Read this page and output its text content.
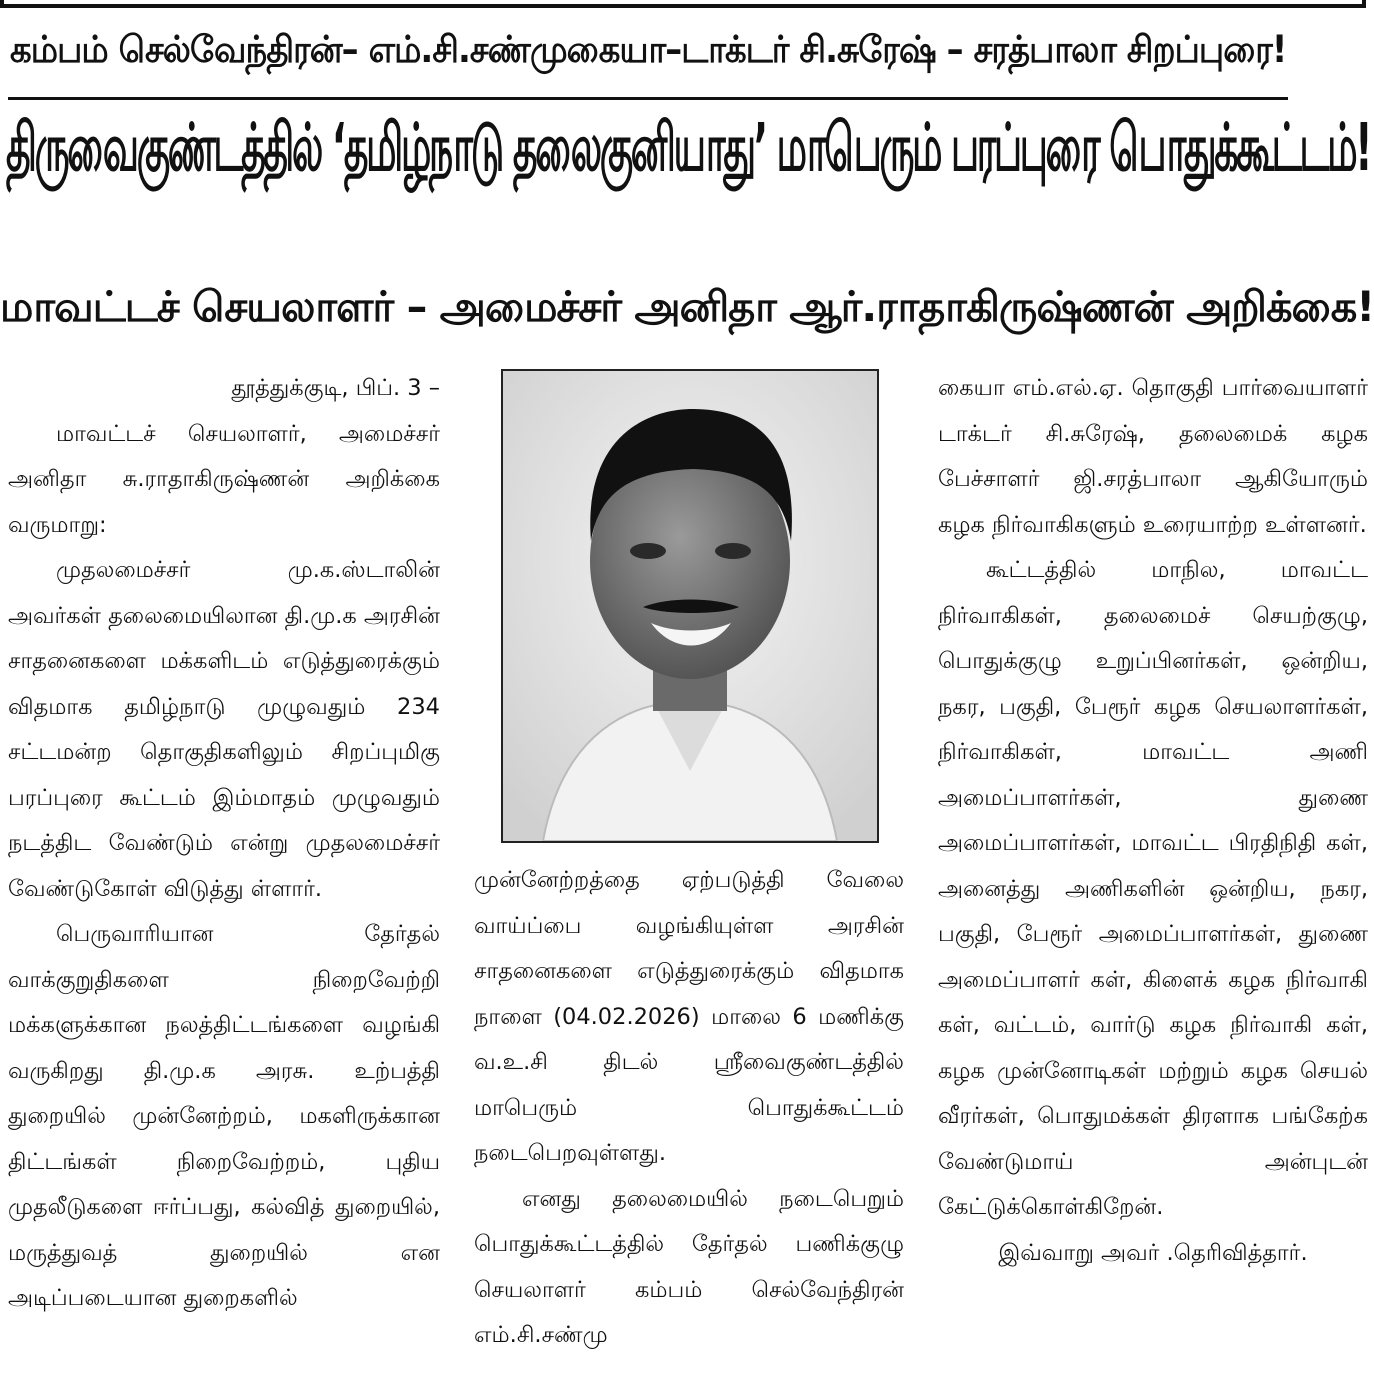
கம்பம் செல்வேந்திரன்– எம்.சி.சண்முகையா–டாக்டர் சி.சுரேஷ் – சரத்பாலா சிறப்புரை!
திருவைகுண்டத்தில் ‘தமிழ்நாடு தலைகுனியாது’ மாபெரும் பரப்புரை பொதுக்கூட்டம்!
மாவட்டச் செயலாளர் – அமைச்சர் அனிதா ஆர்.ராதாகிருஷ்ணன் அறிக்கை!

தூத்துக்குடி, பிப். 3 –

மாவட்டச் செயலாளர், அமைச்சர் அனிதா சு.ராதாகிருஷ்ணன் அறிக்கை வருமாறு:

முதலமைச்சர் மு.க.ஸ்டாலின் அவர்கள் தலைமையிலான தி.மு.க அரசின் சாதனைகளை மக்களிடம் எடுத்துரைக்கும் விதமாக தமிழ்நாடு முழுவதும் 234 சட்டமன்ற தொகுதிகளிலும் சிறப்புமிகு பரப்புரை கூட்டம் இம்மாதம் முழுவதும் நடத்திட வேண்டும் என்று முதலமைச்சர் வேண்டுகோள் விடுத்து ள்ளார்.

பெருவாரியான தேர்தல் வாக்குறுதிகளை நிறைவேற்றி மக்களுக்கான நலத்திட்டங்களை வழங்கி வருகிறது தி.மு.க அரசு. உற்பத்தி துறையில் முன்னேற்றம், மகளிருக்கான திட்டங்கள் நிறைவேற்றம், புதிய முதலீடுகளை ஈர்ப்பது, கல்வித் துறையில், மருத்துவத் துறையில் என அடிப்படையான துறைகளில்

முன்னேற்றத்தை ஏற்படுத்தி வேலை வாய்ப்பை வழங்கியுள்ள அரசின் சாதனைகளை எடுத்துரைக்கும் விதமாக நாளை (04.02.2026) மாலை 6 மணிக்கு வ.உ.சி திடல் ஸ்ரீவைகுண்டத்தில் மாபெரும் பொதுக்கூட்டம் நடைபெறவுள்ளது.

எனது தலைமையில் நடைபெறும் பொதுக்கூட்டத்தில் தேர்தல் பணிக்குழு செயலாளர் கம்பம் செல்வேந்திரன் எம்.சி.சண்மு

கையா எம்.எல்.ஏ. தொகுதி பார்வையாளர் டாக்டர் சி.சுரேஷ், தலைமைக் கழக பேச்சாளர் ஜி.சரத்பாலா ஆகியோரும் கழக நிர்வாகிகளும் உரையாற்ற உள்ளனர்.

கூட்டத்தில் மாநில, மாவட்ட நிர்வாகிகள், தலைமைச் செயற்குழு, பொதுக்குழு உறுப்பினர்கள், ஒன்றிய, நகர, பகுதி, பேரூர் கழக செயலாளர்கள், நிர்வாகிகள், மாவட்ட அணி அமைப்பாளர்கள், துணை அமைப்பாளர்கள், மாவட்ட பிரதிநிதி கள், அனைத்து அணிகளின் ஒன்றிய, நகர, பகுதி, பேரூர் அமைப்பாளர்கள், துணை அமைப்பாளர் கள், கிளைக் கழக நிர்வாகி கள், வட்டம், வார்டு கழக நிர்வாகி கள், கழக முன்னோடிகள் மற்றும் கழக செயல் வீரர்கள், பொதுமக்கள் திரளாக பங்கேற்க வேண்டுமாய் அன்புடன் கேட்டுக்கொள்கிறேன்.

இவ்வாறு அவர் .தெரிவித்தார்.
